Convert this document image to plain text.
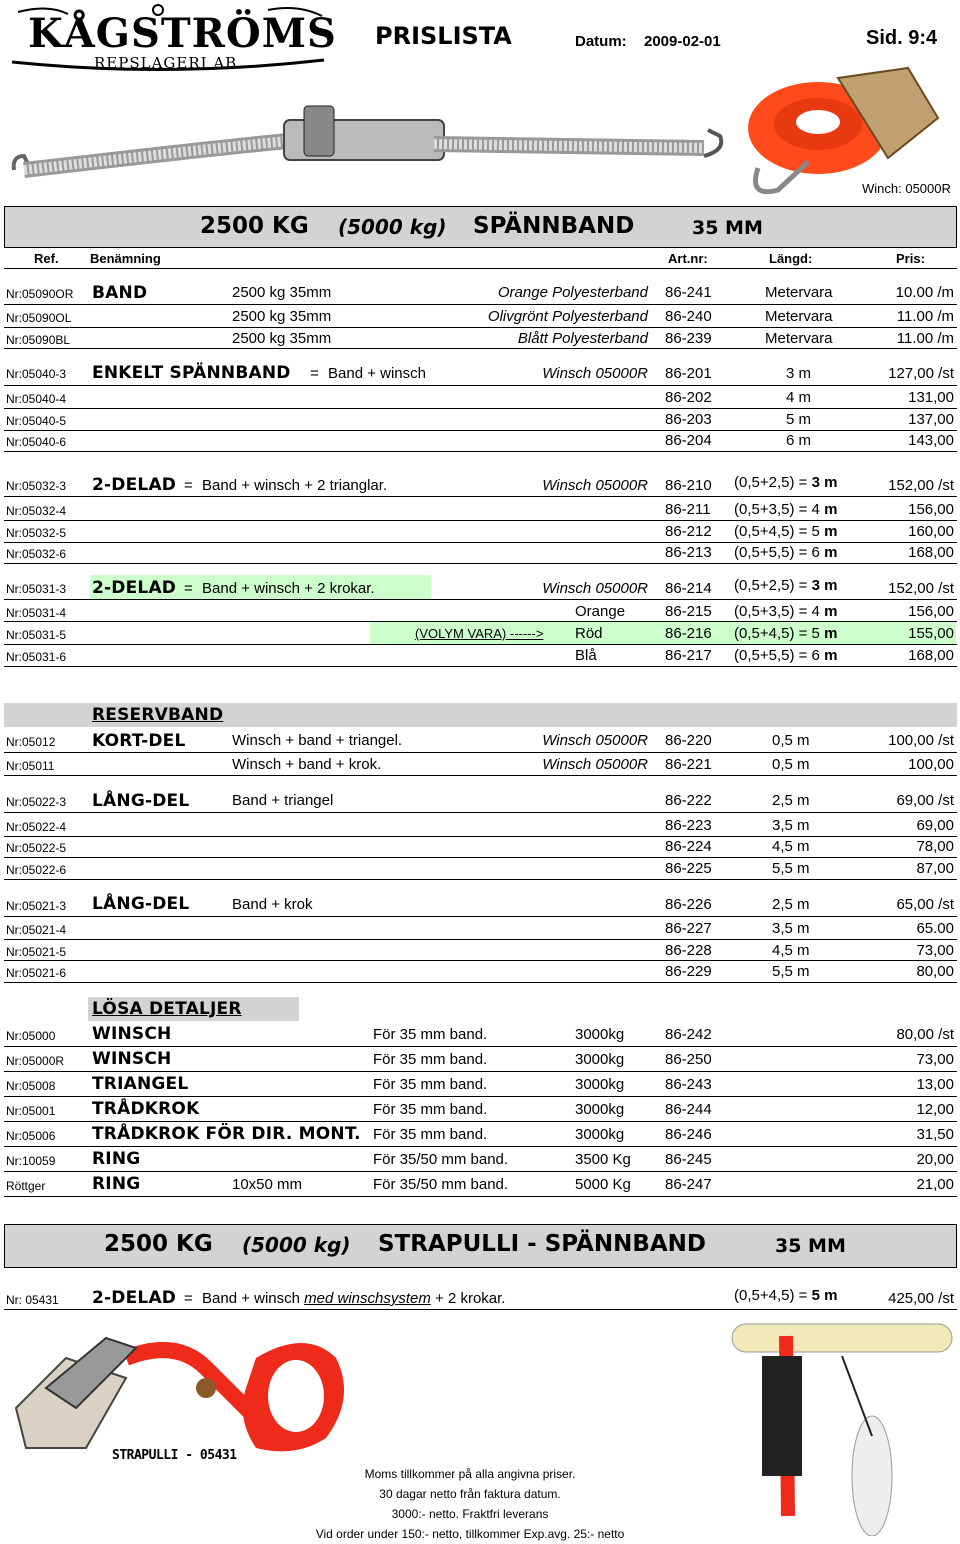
KÅGSTRÖMS
REPSLAGERI AB
PRISLISTA	Datum: 2009-02-01	Sid. 9:4
Winch: 05000R
2500 KG (5000 kg) SPÄNNBAND	35 MM
Ref. Benämning	Art.nr:	Längd:	Pris:
Nr:05090OR BAND	2500 kg 35mm	Orange Polyesterband 86-241	Metervara	10.00 /m
Nr:05090OL	2500 kg 35mm	Olivgrönt Polyesterband 86-240	Metervara	11.00 /m
Nr:05090BL	2500 kg 35mm	Blått Polyesterband 86-239	Metervara	11.00 /m
Nr:05040-3 ENKELT SPÄNNBAND = Band + winsch	Winsch 05000R 86-201	3 m	127,00 /st
Nr:05040-4	86-202	4 m	131,00
Nr:05040-5	86-203	5 m	137,00
Nr:05040-6	86-204	6 m	143,00
Nr:05032-3 2-DELAD = Band + winsch + 2 trianglar.	Winsch 05000R 86-210 (0,5+2,5) = 3 m	152,00 /st
Nr:05032-4	86-211 (0,5+3,5) = 4 m	156,00
Nr:05032-5	86-212 (0,5+4,5) = 5 m	160,00
Nr:05032-6	86-213 (0,5+5,5) = 6 m	168,00
Nr:05031-3 2-DELAD = Band + winsch + 2 krokar.	Winsch 05000R 86-214 (0,5+2,5) = 3 m	152,00 /st
Nr:05031-4	Orange	86-215 (0,5+3,5) = 4 m	156,00
Nr:05031-5	(VOLYM VARA) ------> Röd	86-216 (0,5+4,5) = 5 m	155,00
Nr:05031-6	Blå	86-217 (0,5+5,5) = 6 m	168,00
RESERVBAND
Nr:05012 KORT-DEL	Winsch + band + triangel.	Winsch 05000R 86-220	0,5 m	100,00 /st
Nr:05011	Winsch + band + krok.	Winsch 05000R 86-221	0,5 m	100,00
Nr:05022-3 LÅNG-DEL	Band + triangel	86-222	2,5 m	69,00 /st
Nr:05022-4	86-223	3,5 m	69,00
Nr:05022-5	86-224	4,5 m	78,00
Nr:05022-6	86-225	5,5 m	87,00
Nr:05021-3 LÅNG-DEL	Band + krok	86-226	2,5 m	65,00 /st
Nr:05021-4	86-227	3,5 m	65.00
Nr:05021-5	86-228	4,5 m	73,00
Nr:05021-6	86-229	5,5 m	80,00
LÖSA DETALJER
Nr:05000 WINSCH	För 35 mm band.	3000kg	86-242	80,00 /st
Nr:05000R WINSCH	För 35 mm band.	3000kg	86-250	73,00
Nr:05008 TRIANGEL	För 35 mm band.	3000kg	86-243	13,00
Nr:05001 TRÅDKROK	För 35 mm band.	3000kg	86-244	12,00
Nr:05006 TRÅDKROK FÖR DIR. MONT. För 35 mm band.	3000kg	86-246	31,50
Nr:10059 RING	För 35/50 mm band.	3500 Kg 86-245	20,00
Röttger	RING	10x50 mm	För 35/50 mm band.	5000 Kg 86-247	21,00
2500 KG (5000 kg) STRAPULLI - SPÄNNBAND	35 MM
Nr: 05431 2-DELAD = Band + winsch med winschsystem + 2 krokar.	(0,5+4,5) = 5 m	425,00 /st
STRAPULLI - 05431
Moms tillkommer på alla angivna priser.
30 dagar netto från faktura datum.
3000:- netto. Fraktfri leverans
Vid order under 150:- netto, tillkommer Exp.avg. 25:- netto
